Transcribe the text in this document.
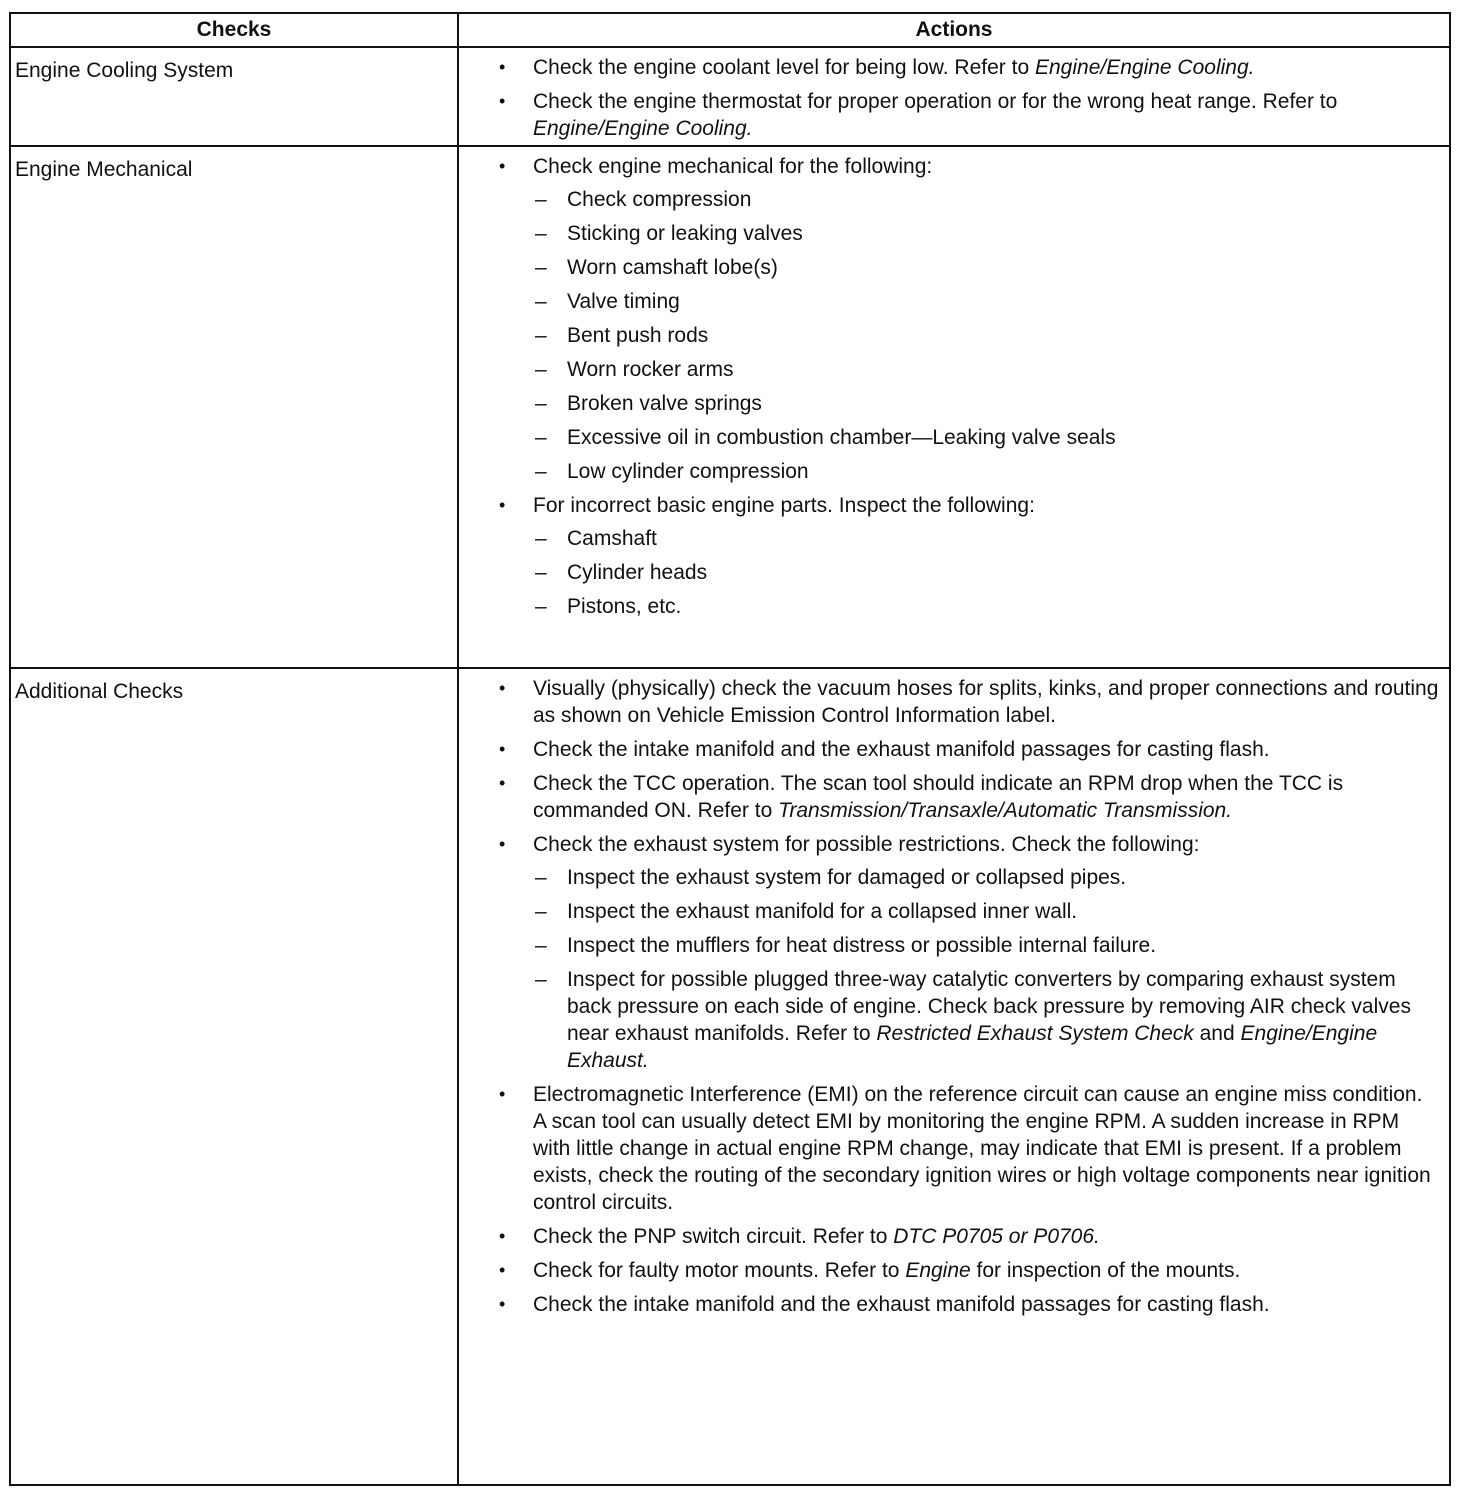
Checks	Actions
Engine Cooling System	• Check the engine coolant level for being low. Refer to Engine/Engine Cooling.
• Check the engine thermostat for proper operation or for the wrong heat range. Refer to Engine/Engine Cooling.
Engine Mechanical	• Check engine mechanical for the following:
– Check compression
– Sticking or leaking valves
– Worn camshaft lobe(s)
– Valve timing
– Bent push rods
– Worn rocker arms
– Broken valve springs
– Excessive oil in combustion chamber—Leaking valve seals
– Low cylinder compression
• For incorrect basic engine parts. Inspect the following:
– Camshaft
– Cylinder heads
– Pistons, etc.
Additional Checks	• Visually (physically) check the vacuum hoses for splits, kinks, and proper connections and routing as shown on Vehicle Emission Control Information label.
• Check the intake manifold and the exhaust manifold passages for casting flash.
• Check the TCC operation. The scan tool should indicate an RPM drop when the TCC is commanded ON. Refer to Transmission/Transaxle/Automatic Transmission.
• Check the exhaust system for possible restrictions. Check the following:
– Inspect the exhaust system for damaged or collapsed pipes.
– Inspect the exhaust manifold for a collapsed inner wall.
– Inspect the mufflers for heat distress or possible internal failure.
– Inspect for possible plugged three-way catalytic converters by comparing exhaust system back pressure on each side of engine. Check back pressure by removing AIR check valves near exhaust manifolds. Refer to Restricted Exhaust System Check and Engine/Engine Exhaust.
• Electromagnetic Interference (EMI) on the reference circuit can cause an engine miss condition. A scan tool can usually detect EMI by monitoring the engine RPM. A sudden increase in RPM with little change in actual engine RPM change, may indicate that EMI is present. If a problem exists, check the routing of the secondary ignition wires or high voltage components near ignition control circuits.
• Check the PNP switch circuit. Refer to DTC P0705 or P0706.
• Check for faulty motor mounts. Refer to Engine for inspection of the mounts.
• Check the intake manifold and the exhaust manifold passages for casting flash.
